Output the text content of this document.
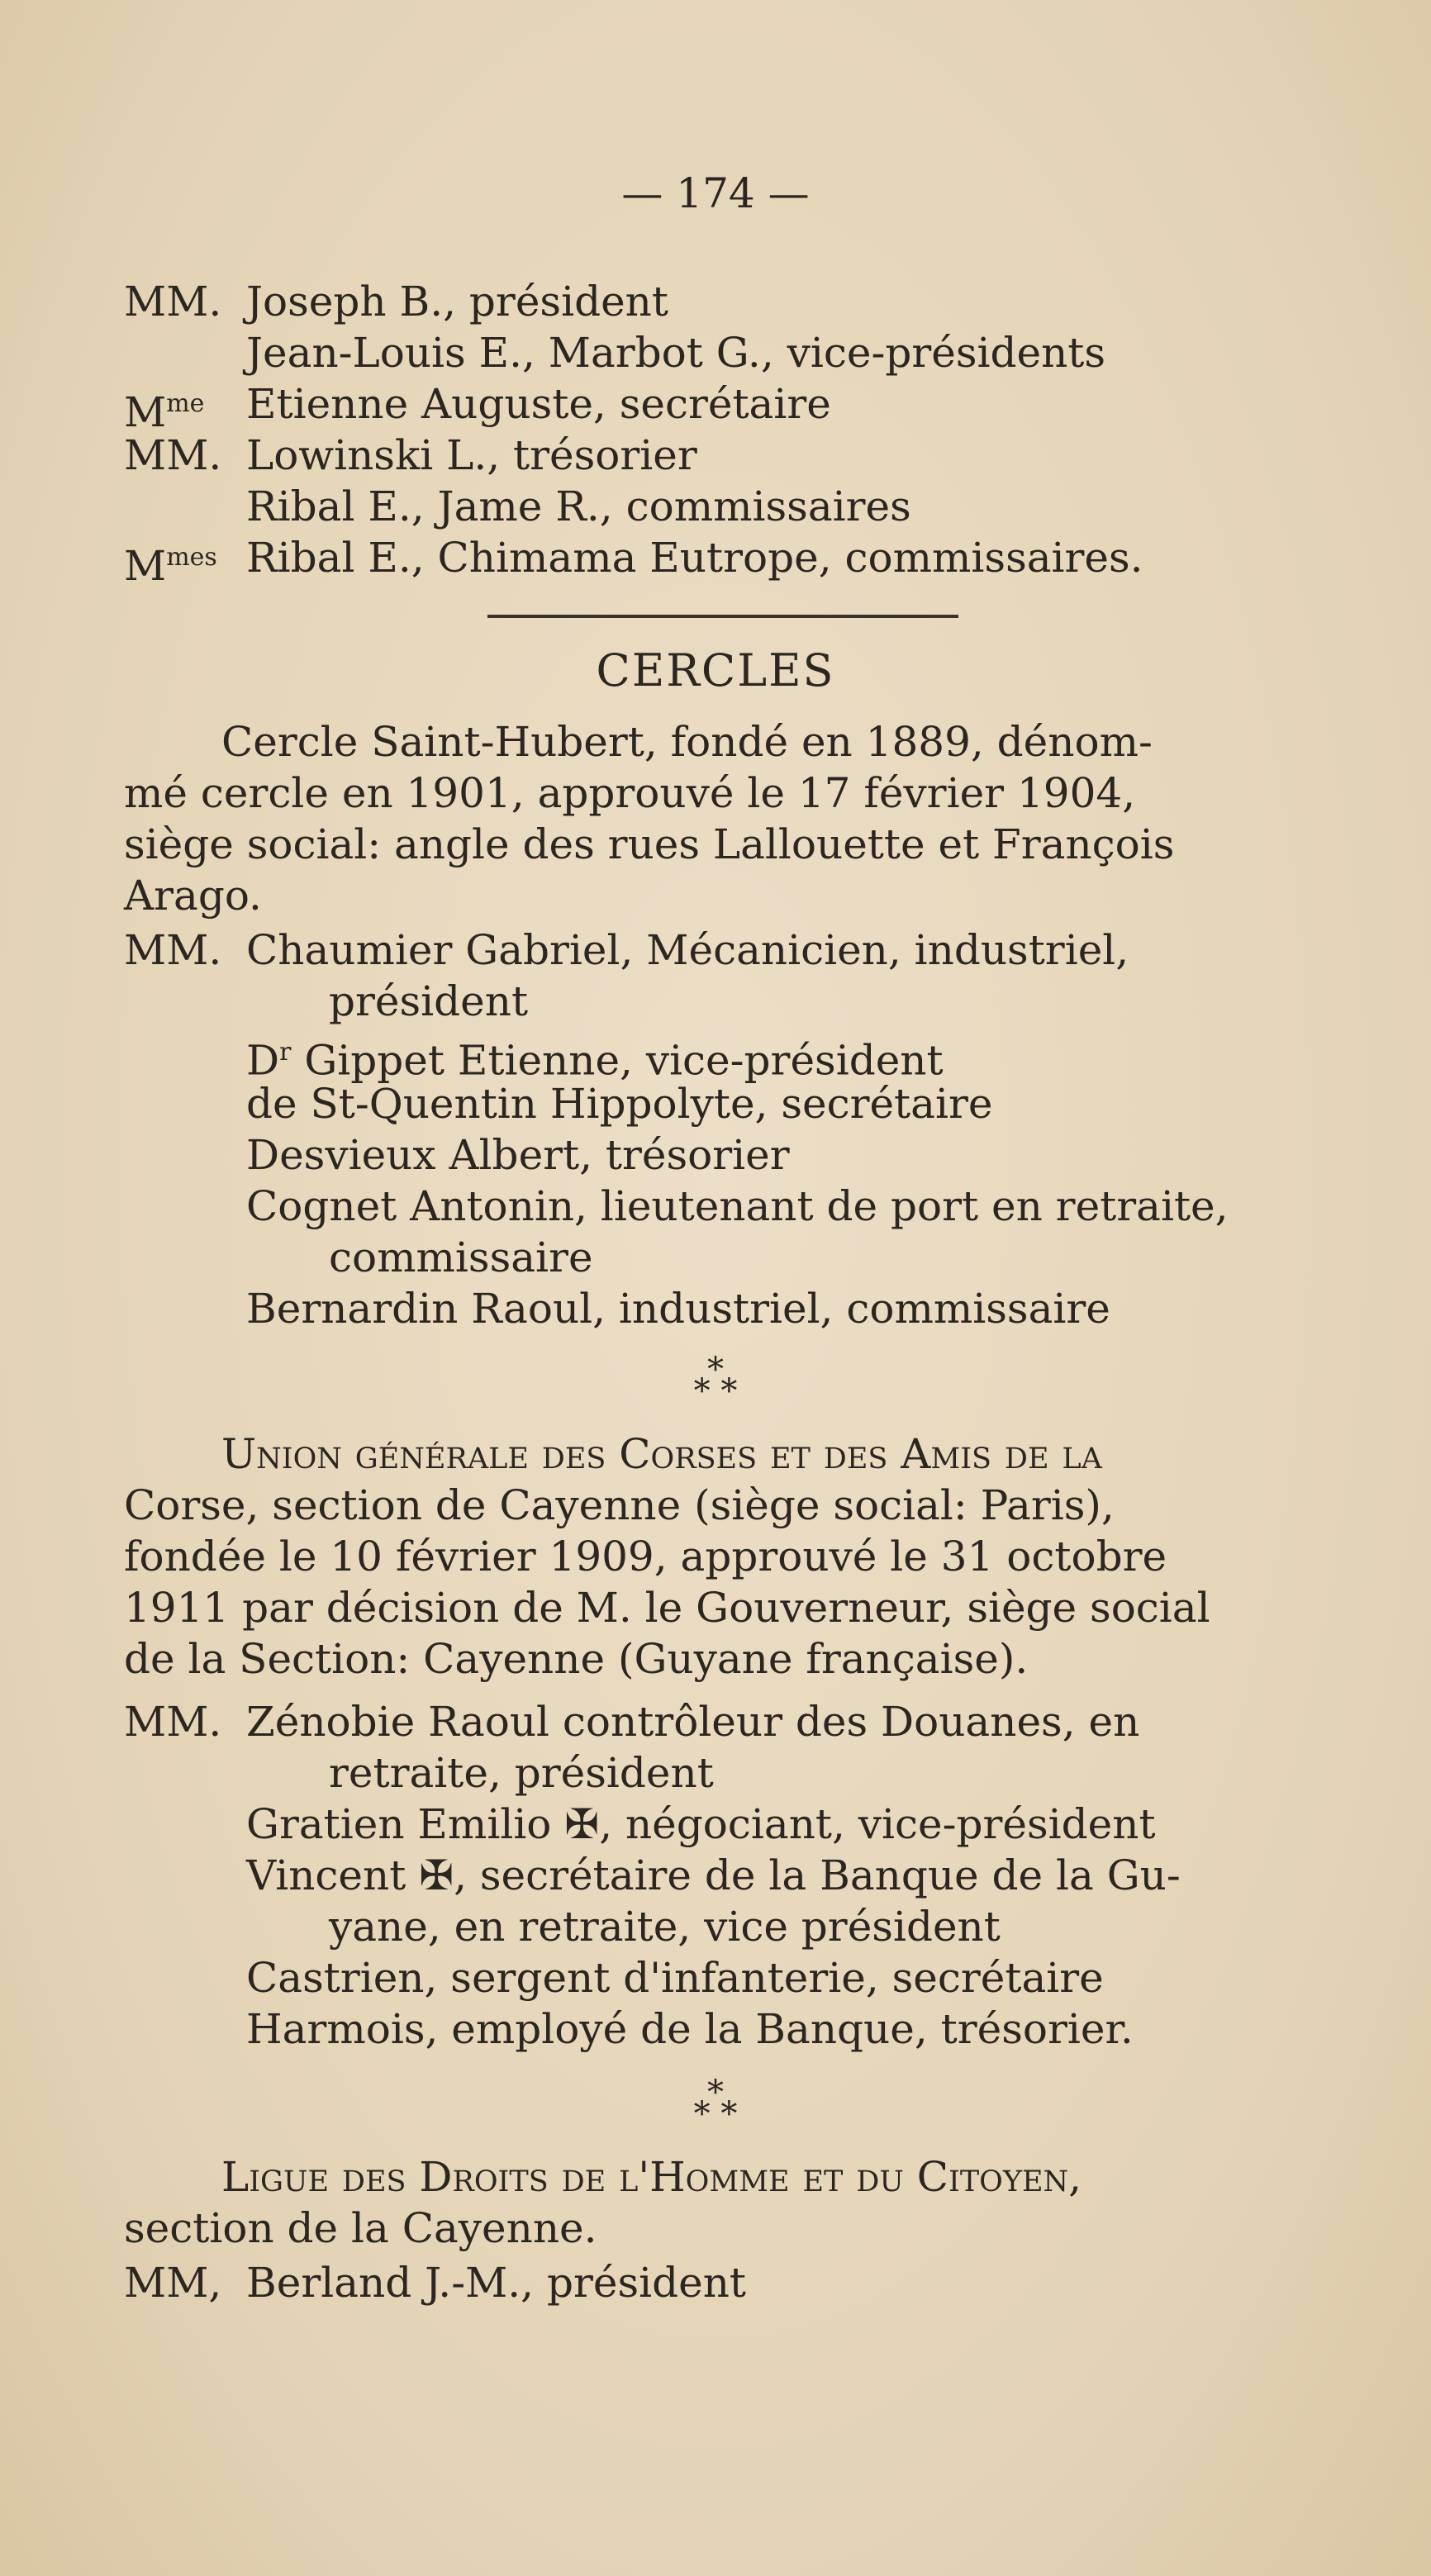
— 174 —
MM. Joseph B., président
Jean-Louis E., Marbot G., vice-présidents
$M^{me}$ Etienne Auguste, secrétaire
MM. Lowinski L., trésorier
Ribal E., Jame R., commissaires
$M^{mes}$ Ribal E., Chimama Eutrope, commissaires.
CERCLES
Cercle Saint-Hubert, fondé en 1889, dénom-
mé cercle en 1901, approuvé le 17 février 1904,
siège social: angle des rues Lallouette et François
Arago.
MM. Chaumier Gabriel, Mécanicien, industriel,
président
$D^r$ Gippet Etienne, vice-président
de St-Quentin Hippolyte, secrétaire
Desvieux Albert, trésorier
Cognet Antonin, lieutenant de port en retraite,
commissaire
Bernardin Raoul, industriel, commissaire
*
* *
Union générale des Corses et des Amis de la
Corse, section de Cayenne (siège social: Paris),
fondée le 10 février 1909, approuvé le 31 octobre
1911 par décision de M. le Gouverneur, siège social
de la Section: Cayenne (Guyane française).
MM. Zénobie Raoul contrôleur des Douanes, en
retraite, président
Gratien Emilio ✠, négociant, vice-président
Vincent ✠, secrétaire de la Banque de la Gu-
yane, en retraite, vice président
Castrien, sergent d'infanterie, secrétaire
Harmois, employé de la Banque, trésorier.
*
* *
Ligue des Droits de l'Homme et du Citoyen,
section de la Cayenne.
MM, Berland J.-M., président
